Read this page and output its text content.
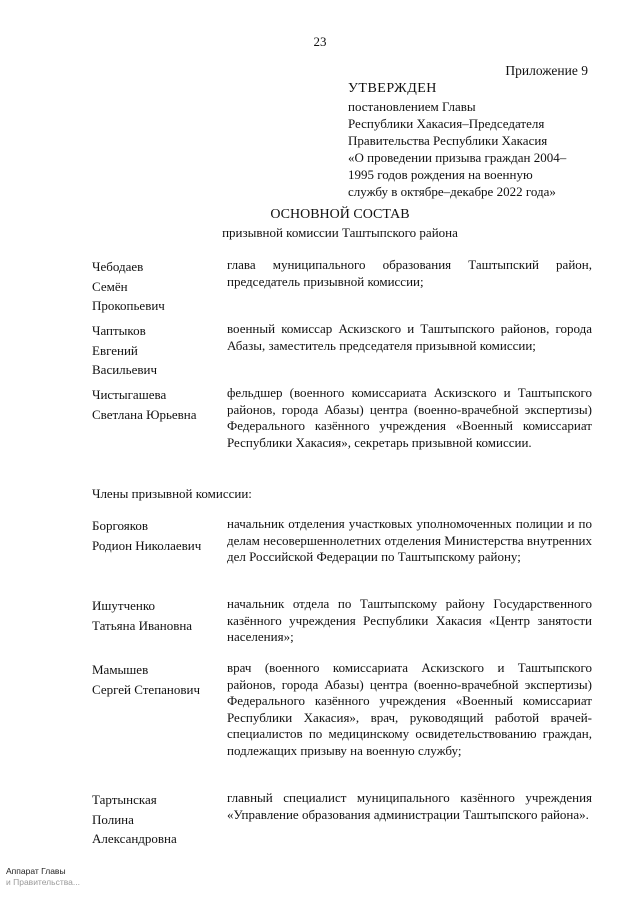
23
Приложение 9
УТВЕРЖДЕН
постановлением Главы
Республики Хакасия–Председателя
Правительства Республики Хакасия
«О проведении призыва граждан 2004–
1995 годов рождения на военную
службу в октябре–декабре 2022 года»
ОСНОВНОЙ СОСТАВ
призывной комиссии Таштыпского района
Чебодаев
Семён
Прокопьевич
глава муниципального образования Таштыпский район, председатель призывной комиссии;
Чаптыков
Евгений
Васильевич
военный комиссар Аскизского и Таштыпского районов, города Абазы, заместитель председателя призывной комиссии;
Чистыгашева
Светлана Юрьевна
фельдшер (военного комиссариата Аскизского и Таштыпского районов, города Абазы) центра (военно-врачебной экспертизы) Федерального казённого учреждения «Военный комиссариат Республики Хакасия», секретарь призывной комиссии.
Члены призывной комиссии:
Боргояков
Родион Николаевич
начальник отделения участковых уполномоченных полиции и по делам несовершеннолетних отделения Министерства внутренних дел Российской Федерации по Таштыпскому району;
Ишутченко
Татьяна Ивановна
начальник отдела по Таштыпскому району Государственного казённого учреждения Республики Хакасия «Центр занятости населения»;
Мамышев
Сергей Степанович
врач (военного комиссариата Аскизского и Таштыпского районов, города Абазы) центра (военно-врачебной экспертизы) Федерального казённого учреждения «Военный комиссариат Республики Хакасия», врач, руководящий работой врачей-специалистов по медицинскому освидетельствованию граждан, подлежащих призыву на военную службу;
Тартынская
Полина
Александровна
главный специалист муниципального казённого учреждения «Управление образования администрации Таштыпского района».
Аппарат Главы
и Правительства...
